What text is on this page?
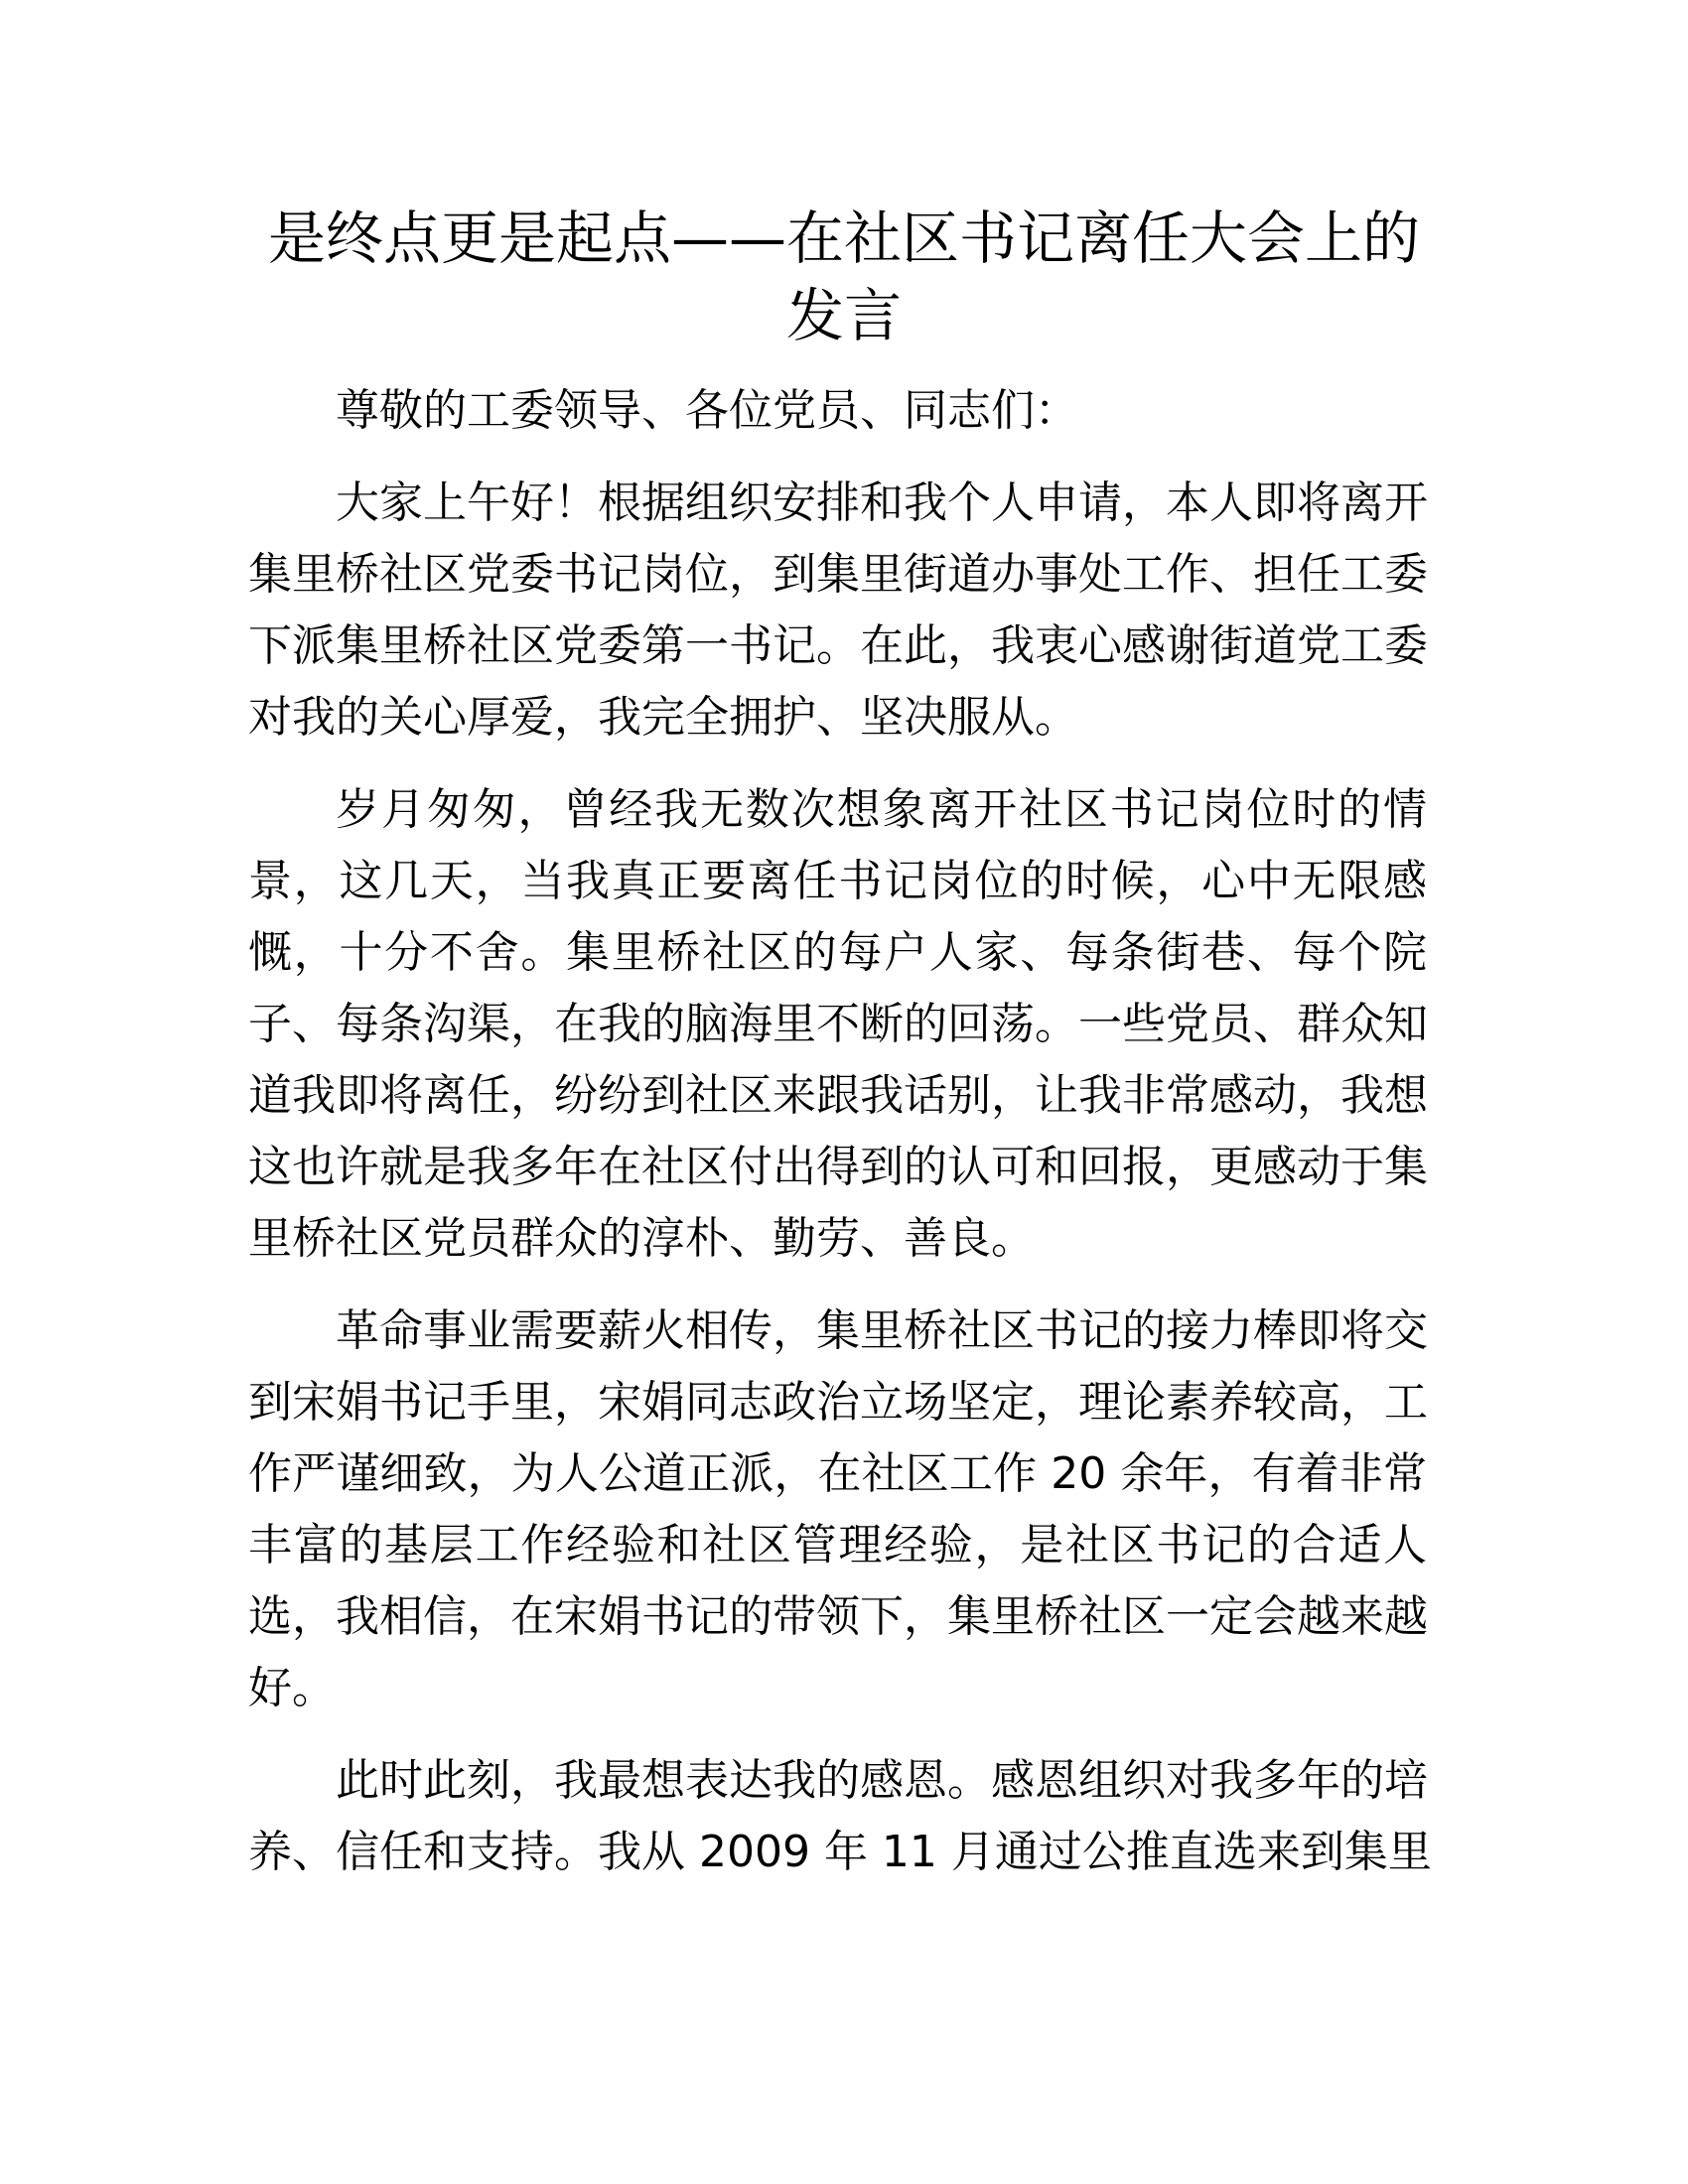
是终点更是起点——在社区书记离任大会上的
发言
尊敬的工委领导、各位党员、同志们：
大家上午好！根据组织安排和我个人申请，本人即将离开
集里桥社区党委书记岗位，到集里街道办事处工作、担任工委
下派集里桥社区党委第一书记。在此，我衷心感谢街道党工委
对我的关心厚爱，我完全拥护、坚决服从。
岁月匆匆，曾经我无数次想象离开社区书记岗位时的情
景，这几天，当我真正要离任书记岗位的时候，心中无限感
慨，十分不舍。集里桥社区的每户人家、每条街巷、每个院
子、每条沟渠，在我的脑海里不断的回荡。一些党员、群众知
道我即将离任，纷纷到社区来跟我话别，让我非常感动，我想
这也许就是我多年在社区付出得到的认可和回报，更感动于集
里桥社区党员群众的淳朴、勤劳、善良。
革命事业需要薪火相传，集里桥社区书记的接力棒即将交
到宋娟书记手里，宋娟同志政治立场坚定，理论素养较高，工
作严谨细致，为人公道正派，在社区工作 20 余年，有着非常
丰富的基层工作经验和社区管理经验，是社区书记的合适人
选，我相信，在宋娟书记的带领下，集里桥社区一定会越来越
好。
此时此刻，我最想表达我的感恩。感恩组织对我多年的培
养、信任和支持。我从 2009 年 11 月通过公推直选来到集里
